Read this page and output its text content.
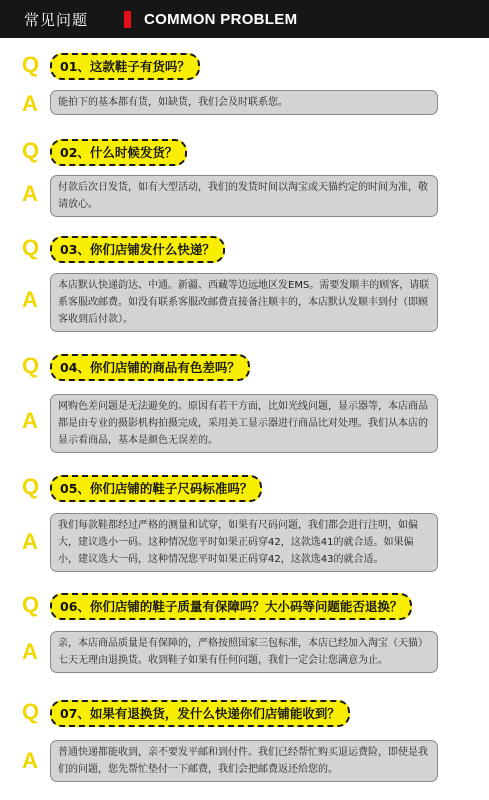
常见问题	COMMON PROBLEM
Q	01、这款鞋子有货吗？
A	能拍下的基本都有货，如缺货，我们会及时联系您。
Q	02、什么时候发货？
A	付款后次日发货，如有大型活动，我们的发货时间以淘宝或天猫约定的时间为准，敬请放心。
Q	03、你们店铺发什么快递？
A
本店默认快递韵达、中通。新疆、西藏等边远地区发EMS。需要发顺丰的顾客，请联系客服改邮费。如没有联系客服改邮费直接备注顺丰的，本店默认发顺丰到付（即顾客收到后付款）。
Q	04、你们店铺的商品有色差吗？
A
网购色差问题是无法避免的。原因有若干方面，比如光线问题，显示器等，本店商品都是由专业的摄影机构拍摄完成，采用美工显示器进行商品比对处理。我们从本店的显示看商品，基本是颜色无误差的。
Q	05、你们店铺的鞋子尺码标准吗？
A
我们每款鞋都经过严格的测量和试穿，如果有尺码问题，我们都会进行注明，如偏大，建议选小一码。这种情况您平时如果正码穿42，这款选41的就合适。如果偏小，建议选大一码，这种情况您平时如果正码穿42，这款选43的就合适。
Q	06、你们店铺的鞋子质量有保障吗？大小码等问题能否退换？
A	亲，本店商品质量是有保障的，严格按照国家三包标准，本店已经加入淘宝（天猫）七天无理由退换货。收到鞋子如果有任何问题，我们一定会让您满意为止。
Q	07、如果有退换货，发什么快递你们店铺能收到？
A	普通快递都能收到，亲不要发平邮和到付件。我们已经帮忙购买退运费险，即使是我们的问题，您先帮忙垫付一下邮费，我们会把邮费返还给您的。
